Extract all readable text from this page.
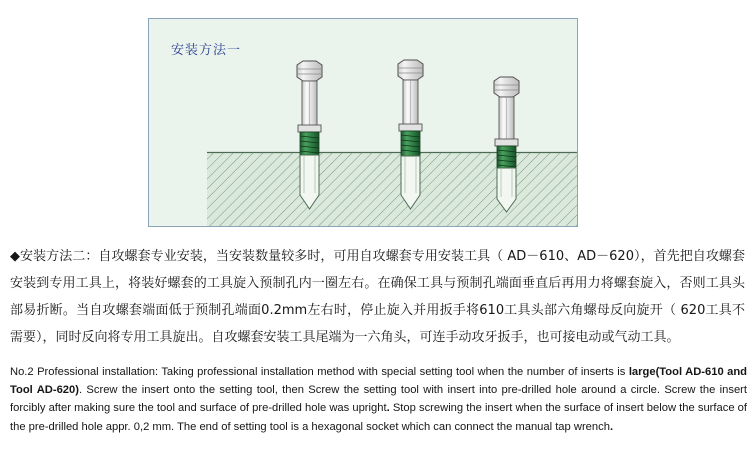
安装方法一
◆安装方法二：自攻螺套专业安装，当安装数量较多时，可用自攻螺套专用安装工具（ AD－610、AD－620），首先把自攻螺套安装到专用工具上，将装好螺套的工具旋入预制孔内一圈左右。在确保工具与预制孔端面垂直后再用力将螺套旋入，否则工具头部易折断。当自攻螺套端面低于预制孔端面0.2mm左右时，停止旋入并用扳手将610工具头部六角螺母反向旋开（ 620工具不需要），同时反向将专用工具旋出。自攻螺套安装工具尾端为一六角头，可连手动攻牙扳手，也可接电动或气动工具。
No.2 Professional installation: Taking professional installation method with special setting tool when the number of inserts is large(Tool AD-610 and Tool AD-620). Screw the insert onto the setting tool, then Screw the setting tool with insert into pre-drilled hole around a circle. Screw the insert forcibly after making sure the tool and surface of pre-drilled hole was upright. Stop screwing the insert when the surface of insert below the surface of the pre-drilled hole appr. 0,2 mm. The end of setting tool is a hexagonal socket which can connect the manual tap wrench.
